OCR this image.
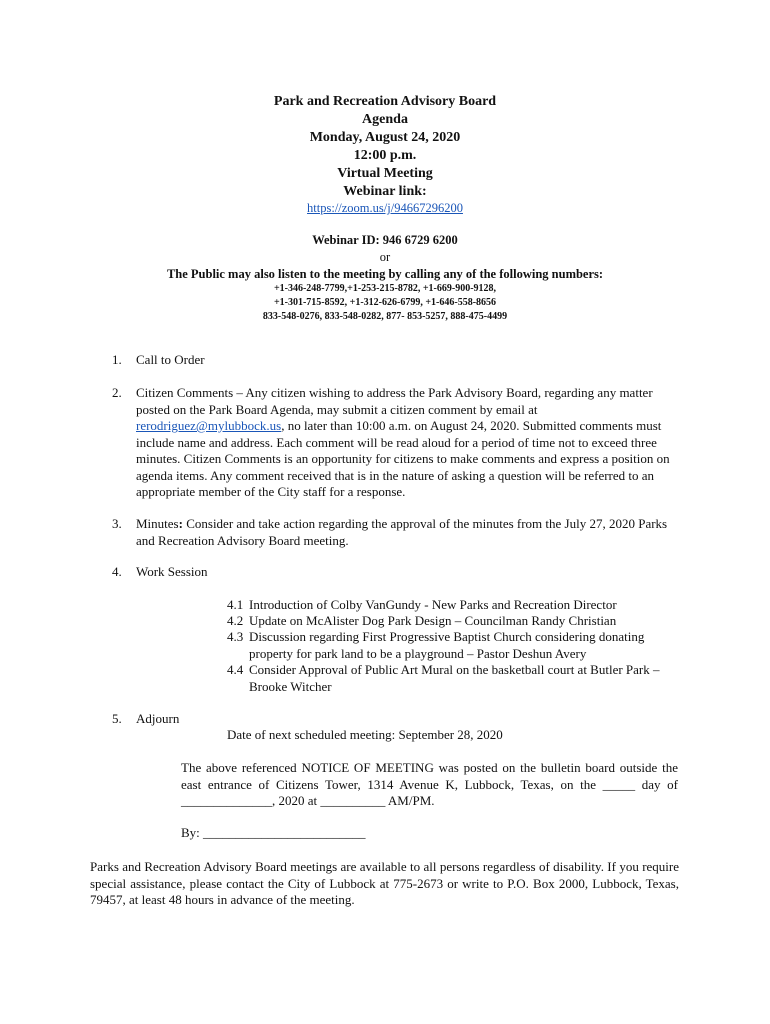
Park and Recreation Advisory Board
Agenda
Monday, August 24, 2020
12:00 p.m.
Virtual Meeting
Webinar link:
https://zoom.us/j/94667296200
Webinar ID: 946 6729 6200
or
The Public may also listen to the meeting by calling any of the following numbers:
+1-346-248-7799,+1-253-215-8782, +1-669-900-9128,
+1-301-715-8592, +1-312-626-6799, +1-646-558-8656
833-548-0276, 833-548-0282, 877- 853-5257, 888-475-4499
1. Call to Order
2. Citizen Comments – Any citizen wishing to address the Park Advisory Board, regarding any matter posted on the Park Board Agenda, may submit a citizen comment by email at rerodriguez@mylubbock.us, no later than 10:00 a.m. on August 24, 2020. Submitted comments must include name and address. Each comment will be read aloud for a period of time not to exceed three minutes. Citizen Comments is an opportunity for citizens to make comments and express a position on agenda items. Any comment received that is in the nature of asking a question will be referred to an appropriate member of the City staff for a response.
3. Minutes: Consider and take action regarding the approval of the minutes from the July 27, 2020 Parks and Recreation Advisory Board meeting.
4. Work Session
4.1 Introduction of Colby VanGundy - New Parks and Recreation Director
4.2 Update on McAlister Dog Park Design – Councilman Randy Christian
4.3 Discussion regarding First Progressive Baptist Church considering donating property for park land to be a playground – Pastor Deshun Avery
4.4 Consider Approval of Public Art Mural on the basketball court at Butler Park – Brooke Witcher
5. Adjourn
Date of next scheduled meeting: September 28, 2020
The above referenced NOTICE OF MEETING was posted on the bulletin board outside the east entrance of Citizens Tower, 1314 Avenue K, Lubbock, Texas, on the _____ day of ______________, 2020 at __________ AM/PM.
By: _________________________
Parks and Recreation Advisory Board meetings are available to all persons regardless of disability. If you require special assistance, please contact the City of Lubbock at 775-2673 or write to P.O. Box 2000, Lubbock, Texas, 79457, at least 48 hours in advance of the meeting.
